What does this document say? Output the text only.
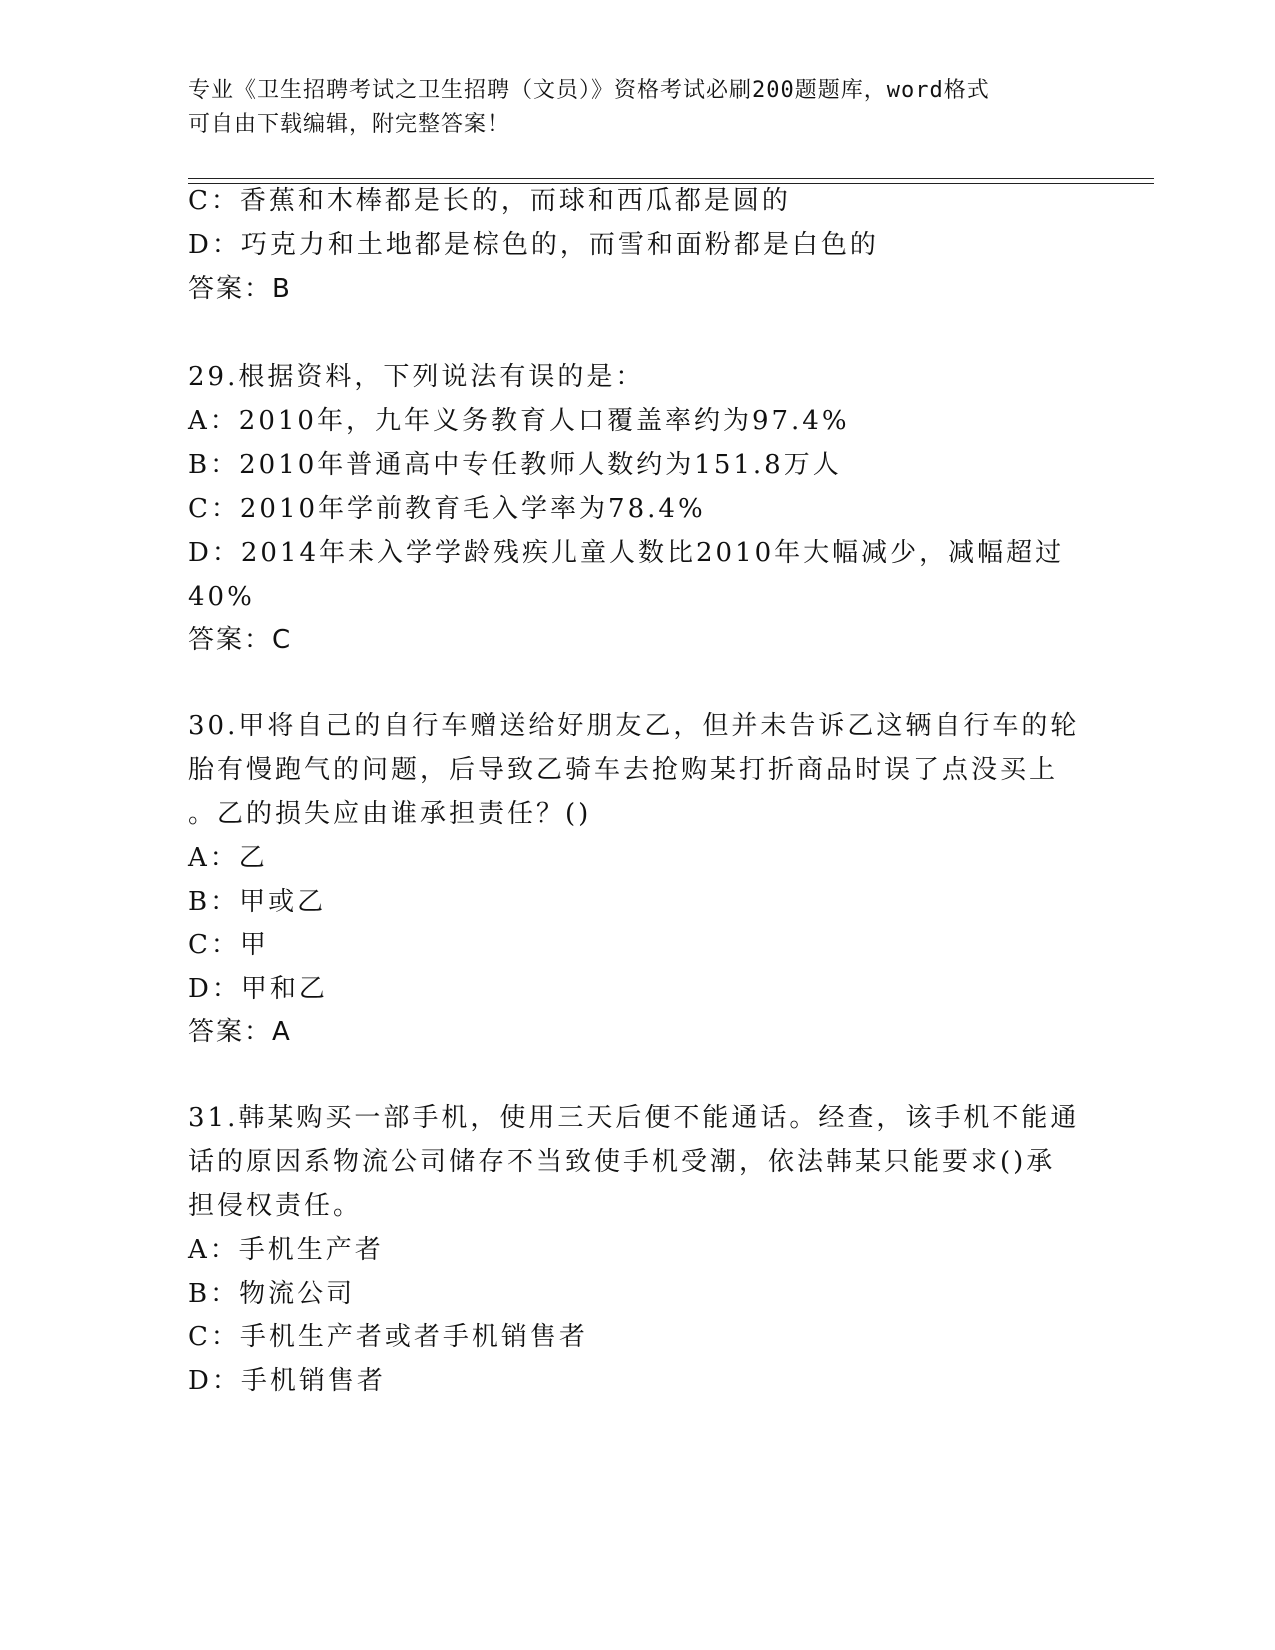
专业《卫生招聘考试之卫生招聘（文员）》资格考试必刷200题题库，word格式
可自由下载编辑，附完整答案！
C：香蕉和木棒都是长的，而球和西瓜都是圆的
D：巧克力和土地都是棕色的，而雪和面粉都是白色的
答案：B
29.根据资料，下列说法有误的是：
A：2010年，九年义务教育人口覆盖率约为97.4%
B：2010年普通高中专任教师人数约为151.8万人
C：2010年学前教育毛入学率为78.4%
D：2014年未入学学龄残疾儿童人数比2010年大幅减少，减幅超过
40%
答案：C
30.甲将自己的自行车赠送给好朋友乙，但并未告诉乙这辆自行车的轮
胎有慢跑气的问题，后导致乙骑车去抢购某打折商品时误了点没买上
。乙的损失应由谁承担责任？()
A：乙
B：甲或乙
C：甲
D：甲和乙
答案：A
31.韩某购买一部手机，使用三天后便不能通话。经查，该手机不能通
话的原因系物流公司储存不当致使手机受潮，依法韩某只能要求()承
担侵权责任。
A：手机生产者
B：物流公司
C：手机生产者或者手机销售者
D：手机销售者
